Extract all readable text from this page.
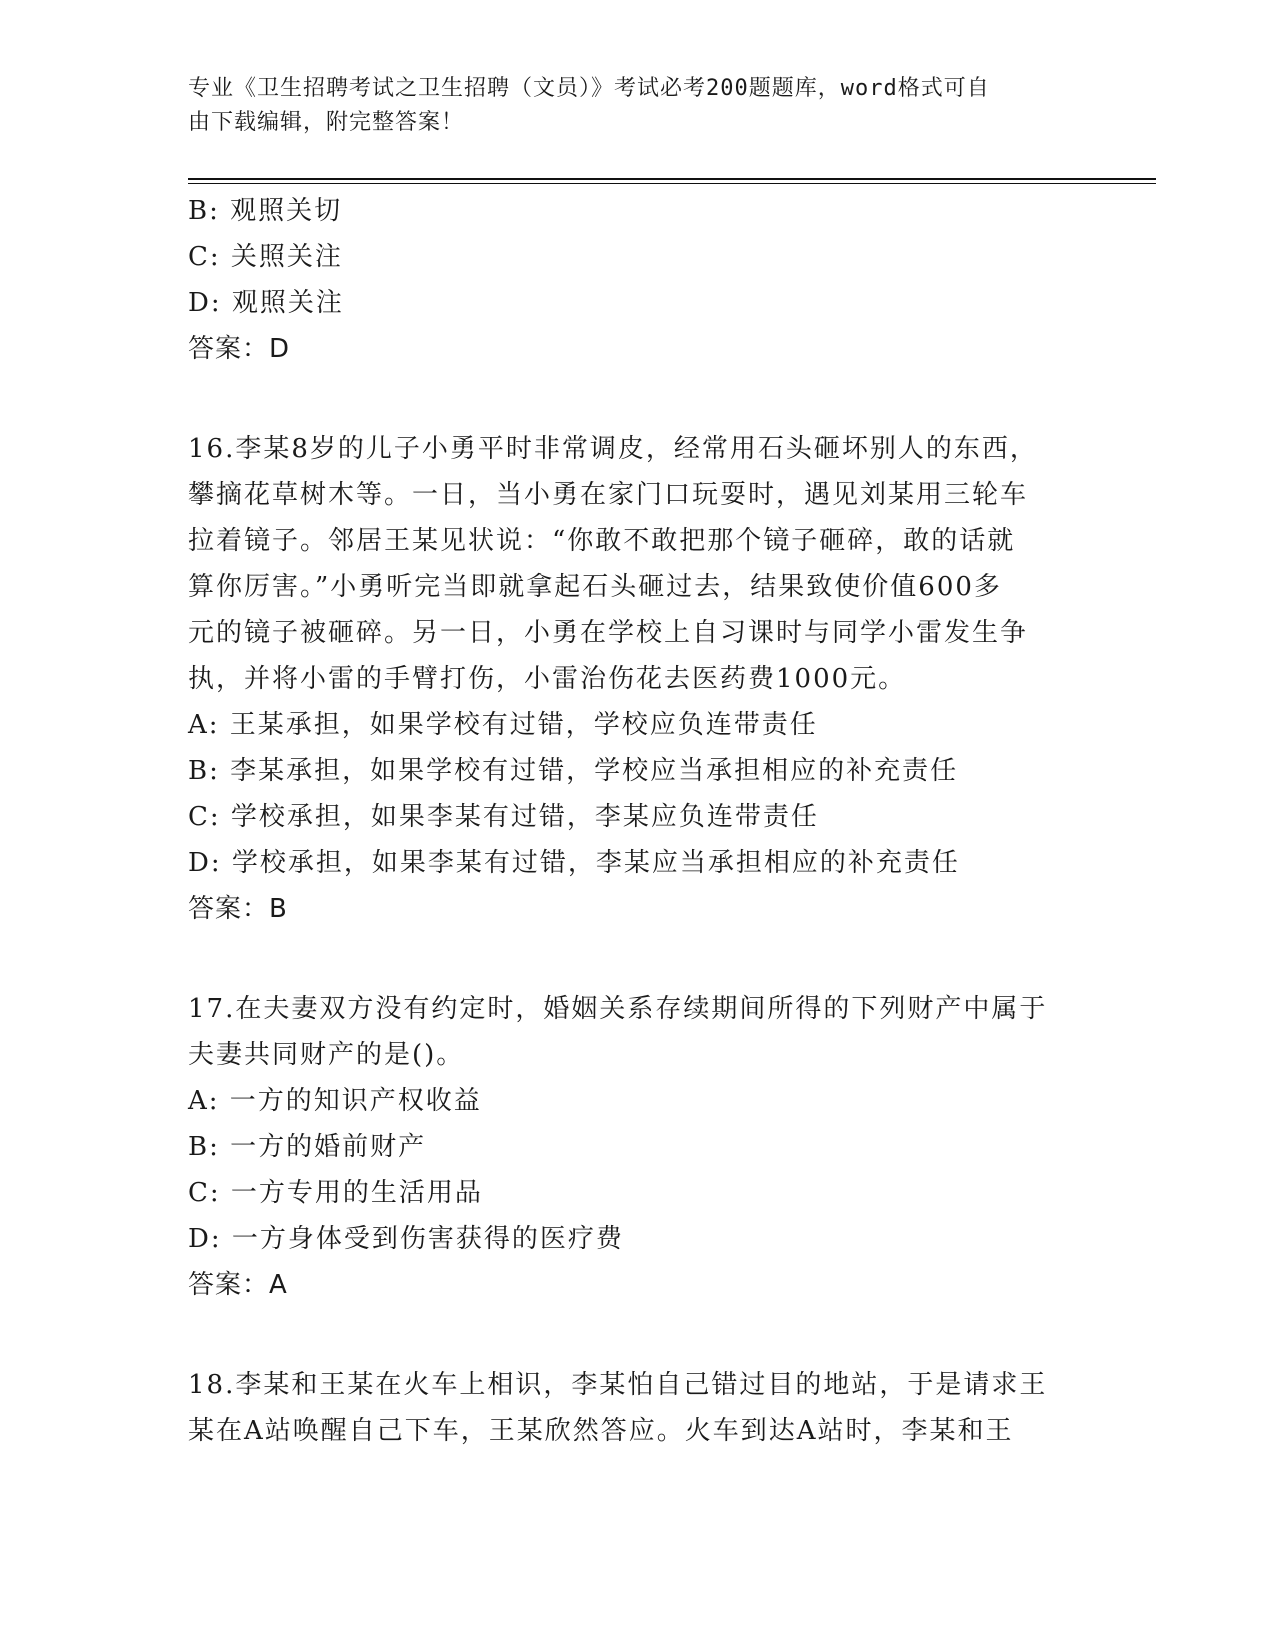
专业《卫生招聘考试之卫生招聘（文员）》考试必考200题题库，word格式可自
由下载编辑，附完整答案！
B: 观照关切
C: 关照关注
D: 观照关注
答案：D
16.李某8岁的儿子小勇平时非常调皮，经常用石头砸坏别人的东西，
攀摘花草树木等。一日，当小勇在家门口玩耍时，遇见刘某用三轮车
拉着镜子。邻居王某见状说：“你敢不敢把那个镜子砸碎，敢的话就
算你厉害。”小勇听完当即就拿起石头砸过去，结果致使价值600多
元的镜子被砸碎。另一日，小勇在学校上自习课时与同学小雷发生争
执，并将小雷的手臂打伤，小雷治伤花去医药费1000元。
A: 王某承担，如果学校有过错，学校应负连带责任
B: 李某承担，如果学校有过错，学校应当承担相应的补充责任
C: 学校承担，如果李某有过错，李某应负连带责任
D: 学校承担，如果李某有过错，李某应当承担相应的补充责任
答案：B
17.在夫妻双方没有约定时，婚姻关系存续期间所得的下列财产中属于
夫妻共同财产的是()。
A: 一方的知识产权收益
B: 一方的婚前财产
C: 一方专用的生活用品
D: 一方身体受到伤害获得的医疗费
答案：A
18.李某和王某在火车上相识，李某怕自己错过目的地站，于是请求王
某在A站唤醒自己下车，王某欣然答应。火车到达A站时，李某和王
